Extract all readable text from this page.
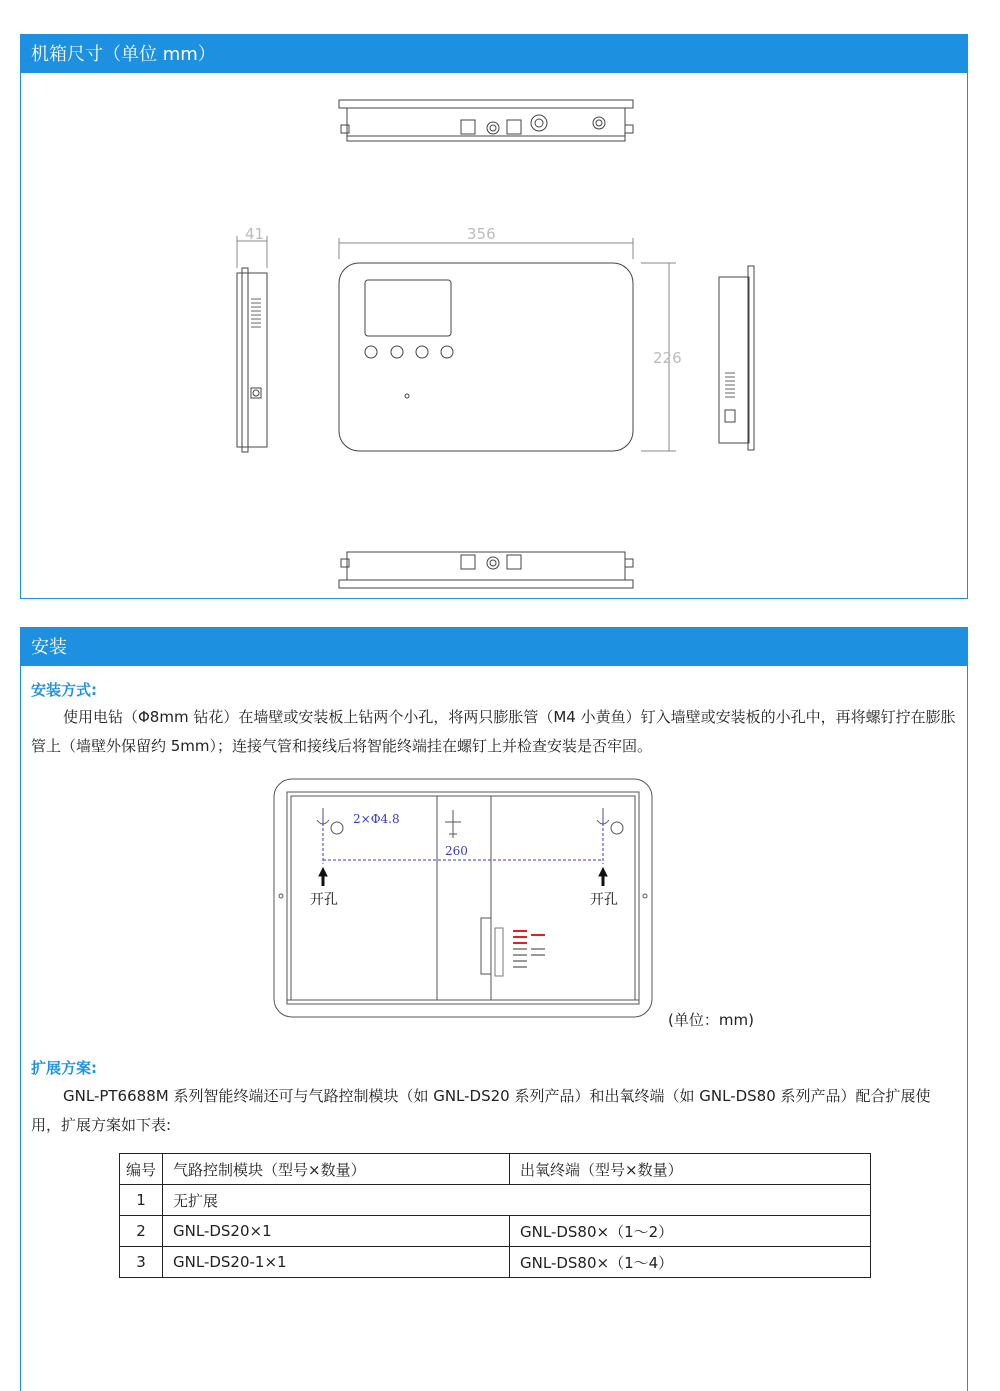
机箱尺寸（单位 mm）
41	356
226
安装
安装方式:
使用电钻（Φ8mm 钻花）在墙壁或安装板上钻两个小孔，将两只膨胀管（M4 小黄鱼）钉入墙壁或安装板的小孔中，再将螺钉拧在膨胀管上（墙壁外保留约 5mm）；连接气管和接线后将智能终端挂在螺钉上并检查安装是否牢固。
2×Φ4.8
260
开孔	开孔
(单位：mm)
扩展方案:
GNL-PT6688M 系列智能终端还可与气路控制模块（如 GNL-DS20 系列产品）和出氧终端（如 GNL-DS80 系列产品）配合扩展使用，扩展方案如下表:
编号	气路控制模块（型号×数量）	出氧终端（型号×数量）
1	无扩展	
2	GNL-DS20×1	GNL-DS80×（1～2）
3	GNL-DS20-1×1	GNL-DS80×（1～4）
